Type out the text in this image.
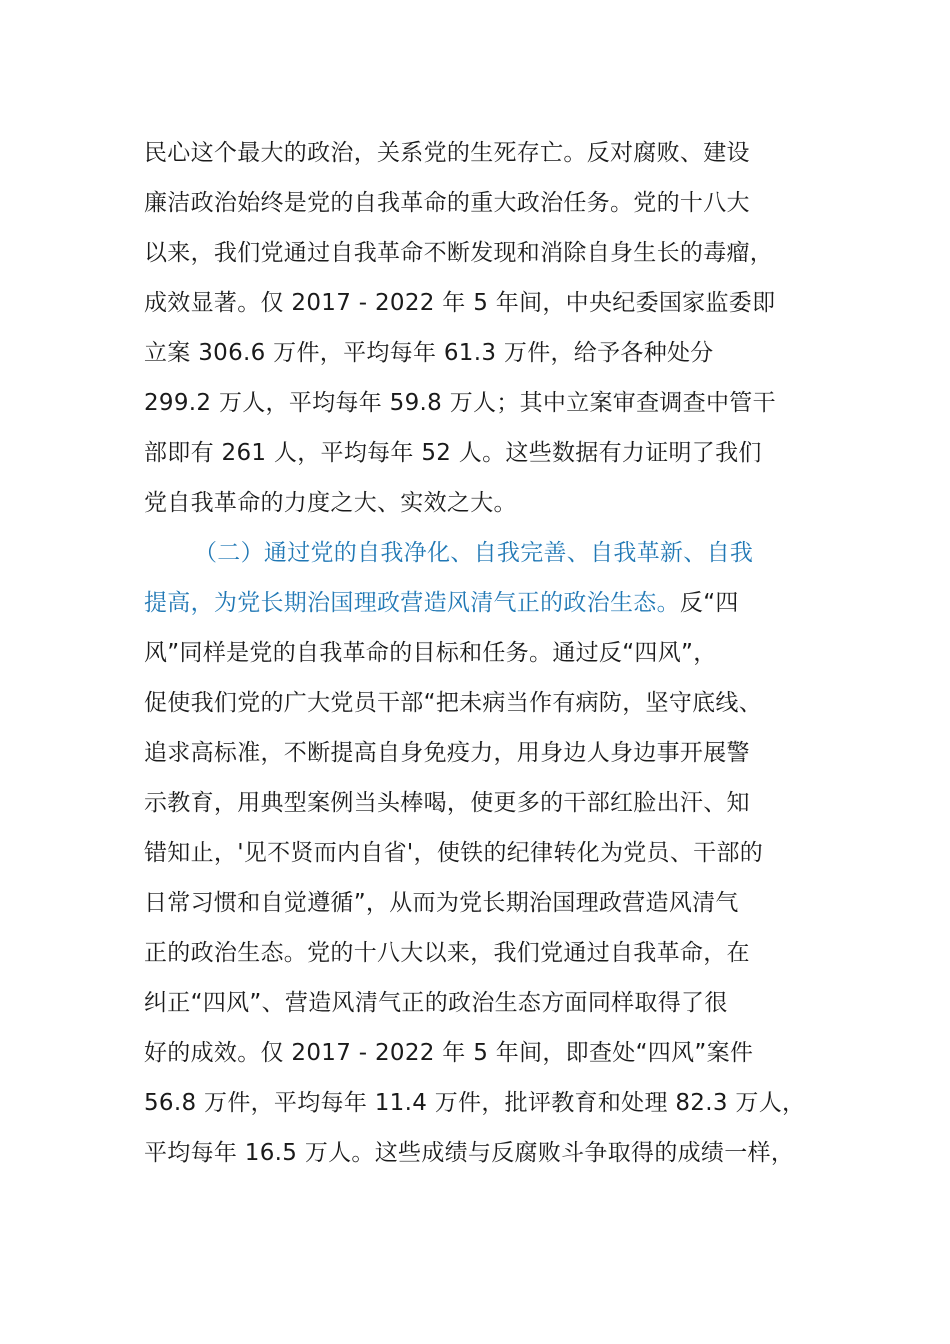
民心这个最大的政治，关系党的生死存亡。反对腐败、建设
廉洁政治始终是党的自我革命的重大政治任务。党的十八大
以来，我们党通过自我革命不断发现和消除自身生长的毒瘤，
成效显著。仅 2017 - 2022 年 5 年间，中央纪委国家监委即
立案 306.6 万件，平均每年 61.3 万件，给予各种处分
299.2 万人，平均每年 59.8 万人；其中立案审查调查中管干
部即有 261 人，平均每年 52 人。这些数据有力证明了我们
党自我革命的力度之大、实效之大。
（二）通过党的自我净化、自我完善、自我革新、自我
提高，为党长期治国理政营造风清气正的政治生态。反“四
风”同样是党的自我革命的目标和任务。通过反“四风”，
促使我们党的广大党员干部“把未病当作有病防，坚守底线、
追求高标准，不断提高自身免疫力，用身边人身边事开展警
示教育，用典型案例当头棒喝，使更多的干部红脸出汗、知
错知止，'见不贤而内自省'，使铁的纪律转化为党员、干部的
日常习惯和自觉遵循”，从而为党长期治国理政营造风清气
正的政治生态。党的十八大以来，我们党通过自我革命，在
纠正“四风”、营造风清气正的政治生态方面同样取得了很
好的成效。仅 2017 - 2022 年 5 年间，即查处“四风”案件
56.8 万件，平均每年 11.4 万件，批评教育和处理 82.3 万人，
平均每年 16.5 万人。这些成绩与反腐败斗争取得的成绩一样，
